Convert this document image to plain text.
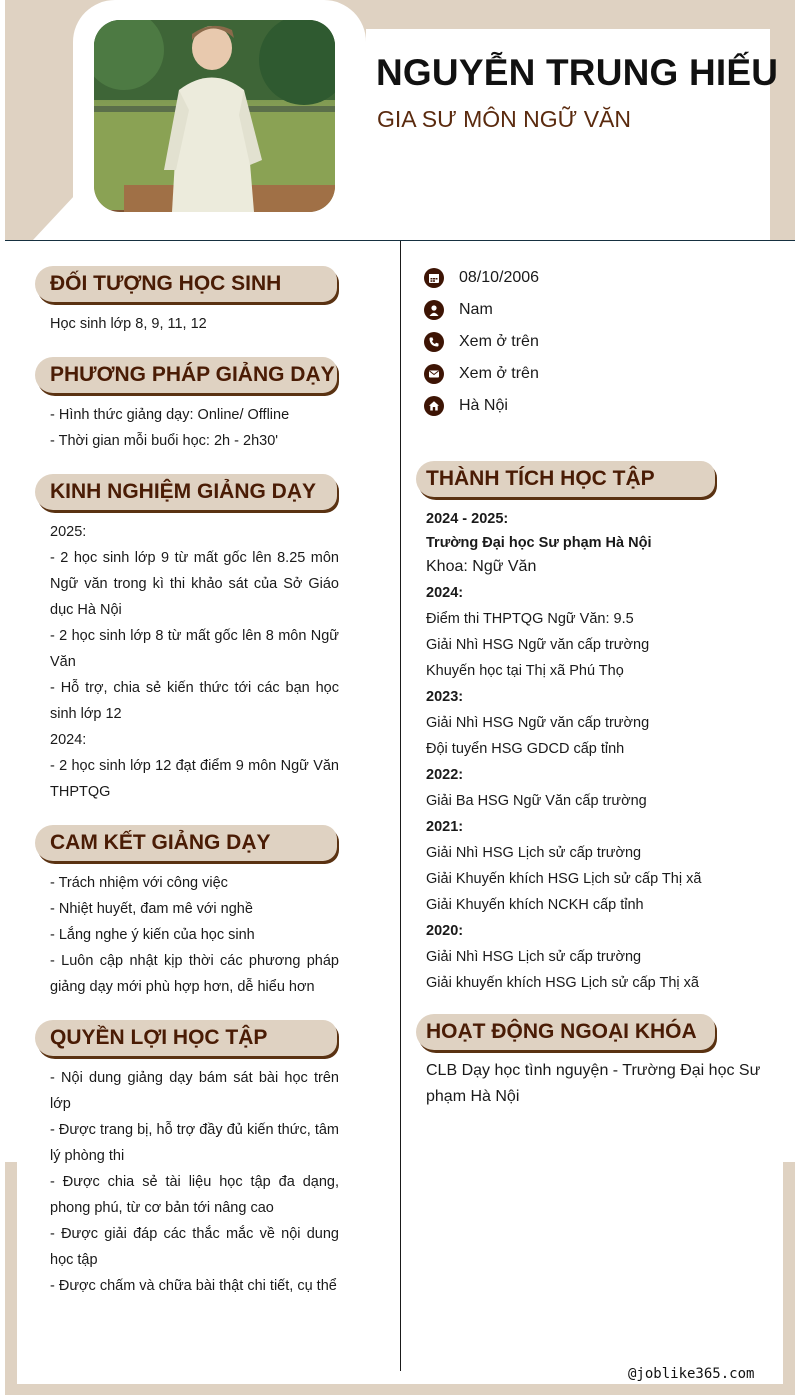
NGUYỄN TRUNG HIẾU
GIA SƯ MÔN NGỮ VĂN
ĐỐI TƯỢNG HỌC SINH

Học sinh lớp 8, 9, 11, 12

PHƯƠNG PHÁP GIẢNG DẠY

- Hình thức giảng dạy: Online/ Offline

- Thời gian mỗi buổi học: 2h - 2h30'

KINH NGHIỆM GIẢNG DẠY

2025:

- 2 học sinh lớp 9 từ mất gốc lên 8.25 môn Ngữ văn trong kì thi khảo sát của Sở Giáo dục Hà Nội

- 2 học sinh lớp 8 từ mất gốc lên 8 môn Ngữ Văn

- Hỗ trợ, chia sẻ kiến thức tới các bạn học sinh lớp 12

2024:

- 2 học sinh lớp 12 đạt điểm 9 môn Ngữ Văn THPTQG

CAM KẾT GIẢNG DẠY

- Trách nhiệm với công việc

- Nhiệt huyết, đam mê với nghề

- Lắng nghe ý kiến của học sinh

- Luôn cập nhật kịp thời các phương pháp giảng dạy mới phù hợp hơn, dễ hiểu hơn

QUYỀN LỢI HỌC TẬP

- Nội dung giảng dạy bám sát bài học trên lớp

- Được trang bị, hỗ trợ đầy đủ kiến thức, tâm lý phòng thi

- Được chia sẻ tài liệu học tập đa dạng, phong phú, từ cơ bản tới nâng cao

- Được giải đáp các thắc mắc về nội dung học tập

- Được chấm và chữa bài thật chi tiết, cụ thể

08/10/2006
Nam
Xem ở trên
Xem ở trên
Hà Nội
THÀNH TÍCH HỌC TẬP

2024 - 2025:

Trường Đại học Sư phạm Hà Nội

Khoa: Ngữ Văn

2024:

Điểm thi THPTQG Ngữ Văn: 9.5

Giải Nhì HSG Ngữ văn cấp trường

Khuyến học tại Thị xã Phú Thọ

2023:

Giải Nhì HSG Ngữ văn cấp trường

Đội tuyển HSG GDCD cấp tỉnh

2022:

Giải Ba HSG Ngữ Văn cấp trường

2021:

Giải Nhì HSG Lịch sử cấp trường

Giải Khuyến khích HSG Lịch sử cấp Thị xã

Giải Khuyến khích NCKH cấp tỉnh

2020:

Giải Nhì HSG Lịch sử cấp trường

Giải khuyến khích HSG Lịch sử cấp Thị xã

HOẠT ĐỘNG NGOẠI KHÓA
CLB Dạy học tình nguyện - Trường Đại học Sư phạm Hà Nội
@joblike365.com
